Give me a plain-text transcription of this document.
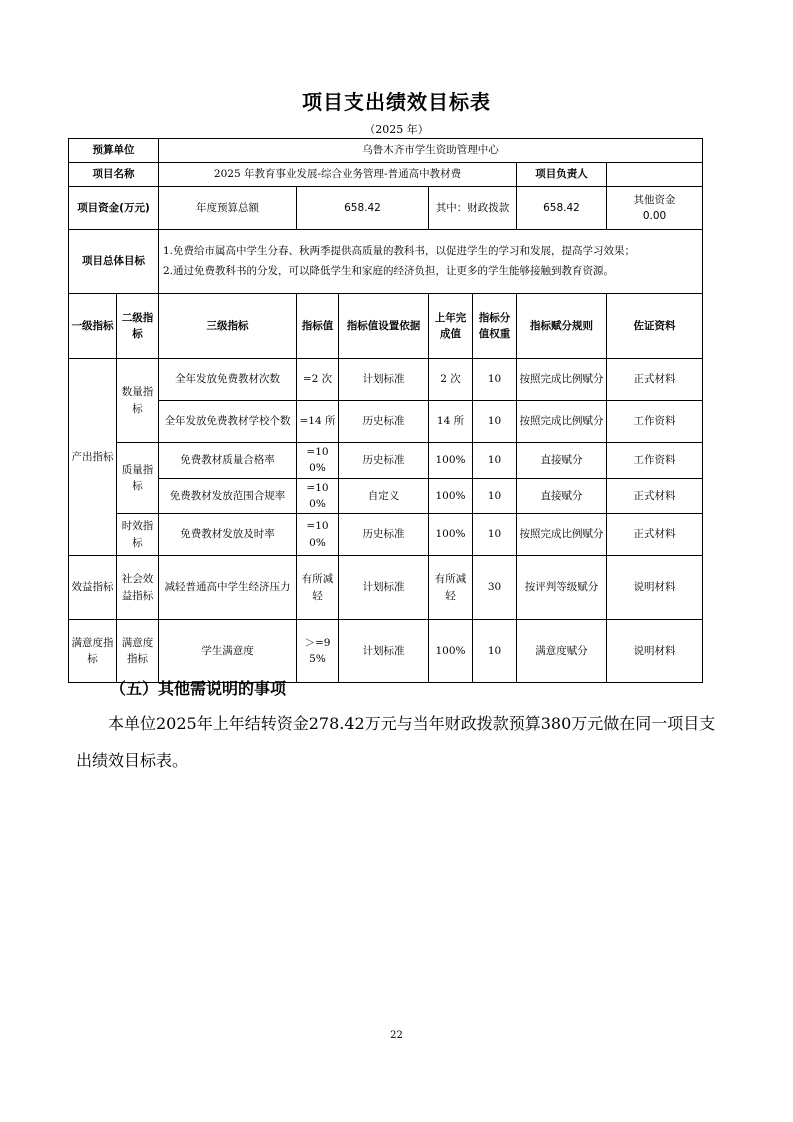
项目支出绩效目标表
（2025 年）
预算单位		乌鲁木齐市学生资助管理中心						
项目名称		2025 年教育事业发展-综合业务管理-普通高中教材费					项目负责人	
项目资金(万元)		年度预算总额	658.42		其中：财政拨款		658.42	其他资金 0.00
项目总体目标		1.免费给市属高中学生分春、秋两季提供高质量的教科书，以促进学生的学习和发展，提高学习效果；
2.通过免费教科书的分发，可以降低学生和家庭的经济负担，让更多的学生能够接触到教育资源。						

一级指标	二级指标	三级指标	指标值	指标值设置依据	上年完成值	指标分值权重	指标赋分规则	佐证资料
产出指标	数量指标	全年发放免费教材次数	=2 次	计划标准	2 次	10	按照完成比例赋分	正式材料
		全年发放免费教材学校个数	=14 所	历史标准	14 所	10	按照完成比例赋分	工作资料
	质量指标	免费教材质量合格率	=100%	历史标准	100%	10	直接赋分	工作资料
		免费教材发放范围合规率	=100%	自定义	100%	10	直接赋分	正式材料
	时效指标	免费教材发放及时率	=100%	历史标准	100%	10	按照完成比例赋分	正式材料
效益指标	社会效益指标	减轻普通高中学生经济压力	有所减轻	计划标准	有所减轻	30	按评判等级赋分	说明材料
满意度指标	满意度指标	学生满意度	＞=95%	计划标准	100%	10	满意度赋分	说明材料
（五）其他需说明的事项
本单位2025年上年结转资金278.42万元与当年财政拨款预算380万元做在同一项目支出绩效目标表。
22
